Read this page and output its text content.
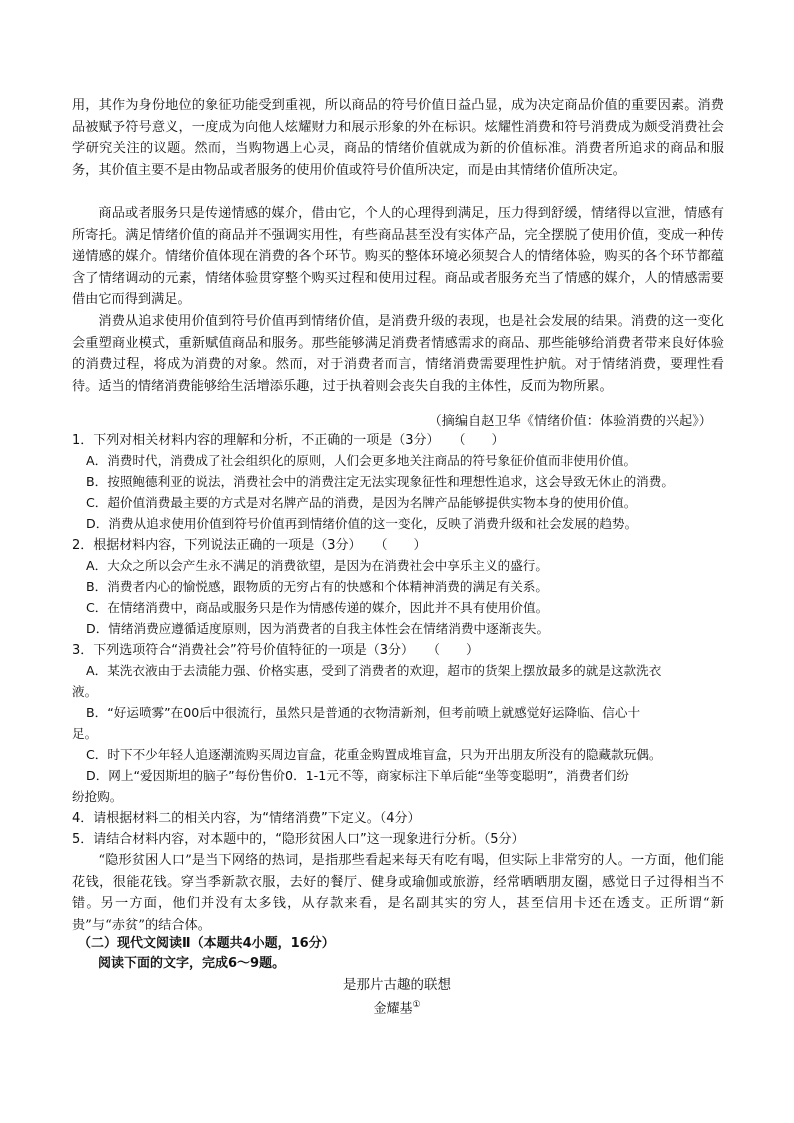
用，其作为身份地位的象征功能受到重视，所以商品的符号价值日益凸显，成为决定商品价值的重要因素。消费品被赋予符号意义，一度成为向他人炫耀财力和展示形象的外在标识。炫耀性消费和符号消费成为颇受消费社会学研究关注的议题。然而，当购物遇上心灵，商品的情绪价值就成为新的价值标准。消费者所追求的商品和服务，其价值主要不是由物品或者服务的使用价值或符号价值所决定，而是由其情绪价值所决定。

商品或者服务只是传递情感的媒介，借由它，个人的心理得到满足，压力得到舒缓，情绪得以宣泄，情感有所寄托。满足情绪价值的商品并不强调实用性，有些商品甚至没有实体产品，完全摆脱了使用价值，变成一种传递情感的媒介。情绪价值体现在消费的各个环节。购买的整体环境必须契合人的情绪体验，购买的各个环节都蕴含了情绪调动的元素，情绪体验贯穿整个购买过程和使用过程。商品或者服务充当了情感的媒介，人的情感需要借由它而得到满足。

消费从追求使用价值到符号价值再到情绪价值，是消费升级的表现，也是社会发展的结果。消费的这一变化会重塑商业模式，重新赋值商品和服务。那些能够满足消费者情感需求的商品、那些能够给消费者带来良好体验的消费过程，将成为消费的对象。然而，对于消费者而言，情绪消费需要理性护航。对于情绪消费，要理性看待。适当的情绪消费能够给生活增添乐趣，过于执着则会丧失自我的主体性，反而为物所累。

（摘编自赵卫华《情绪价值：体验消费的兴起》）

1．下列对相关材料内容的理解和分析，不正确的一项是（3分）　　（　　）

A．消费时代，消费成了社会组织化的原则，人们会更多地关注商品的符号象征价值而非使用价值。

B．按照鲍德利亚的说法，消费社会中的消费注定无法实现象征性和理想性追求，这会导致无休止的消费。

C．超价值消费最主要的方式是对名牌产品的消费，是因为名牌产品能够提供实物本身的使用价值。

D．消费从追求使用价值到符号价值再到情绪价值的这一变化，反映了消费升级和社会发展的趋势。

2．根据材料内容，下列说法正确的一项是（3分）　　（　　）

A．大众之所以会产生永不满足的消费欲望，是因为在消费社会中享乐主义的盛行。

B．消费者内心的愉悦感，跟物质的无穷占有的快感和个体精神消费的满足有关系。

C．在情绪消费中，商品或服务只是作为情感传递的媒介，因此并不具有使用价值。

D．情绪消费应遵循适度原则，因为消费者的自我主体性会在情绪消费中逐渐丧失。

3．下列选项符合“消费社会”符号价值特征的一项是（3分）　　（　　）

A．某洗衣液由于去渍能力强、价格实惠，受到了消费者的欢迎，超市的货架上摆放最多的就是这款洗衣

液。

B．“好运喷雾”在00后中很流行，虽然只是普通的衣物清新剂，但考前喷上就感觉好运降临、信心十

足。

C．时下不少年轻人追逐潮流购买周边盲盒，花重金购置成堆盲盒，只为开出朋友所没有的隐藏款玩偶。

D．网上“爱因斯坦的脑子”每份售价0．1-1元不等，商家标注下单后能“坐等变聪明”，消费者们纷

纷抢购。

4．请根据材料二的相关内容，为“情绪消费”下定义。（4分）

5．请结合材料内容，对本题中的，“隐形贫困人口”这一现象进行分析。（5分）

“隐形贫困人口”是当下网络的热词，是指那些看起来每天有吃有喝，但实际上非常穷的人。一方面，他们能花钱，很能花钱。穿当季新款衣服，去好的餐厅、健身或瑜伽或旅游，经常晒晒朋友圈，感觉日子过得相当不错。另一方面，他们并没有太多钱，从存款来看，是名副其实的穷人，甚至信用卡还在透支。正所谓“新贵”与“赤贫”的结合体。

（二）现代文阅读Ⅱ（本题共4小题，16分）
阅读下面的文字，完成6～9题。
是那片古趣的联想
金耀基①
